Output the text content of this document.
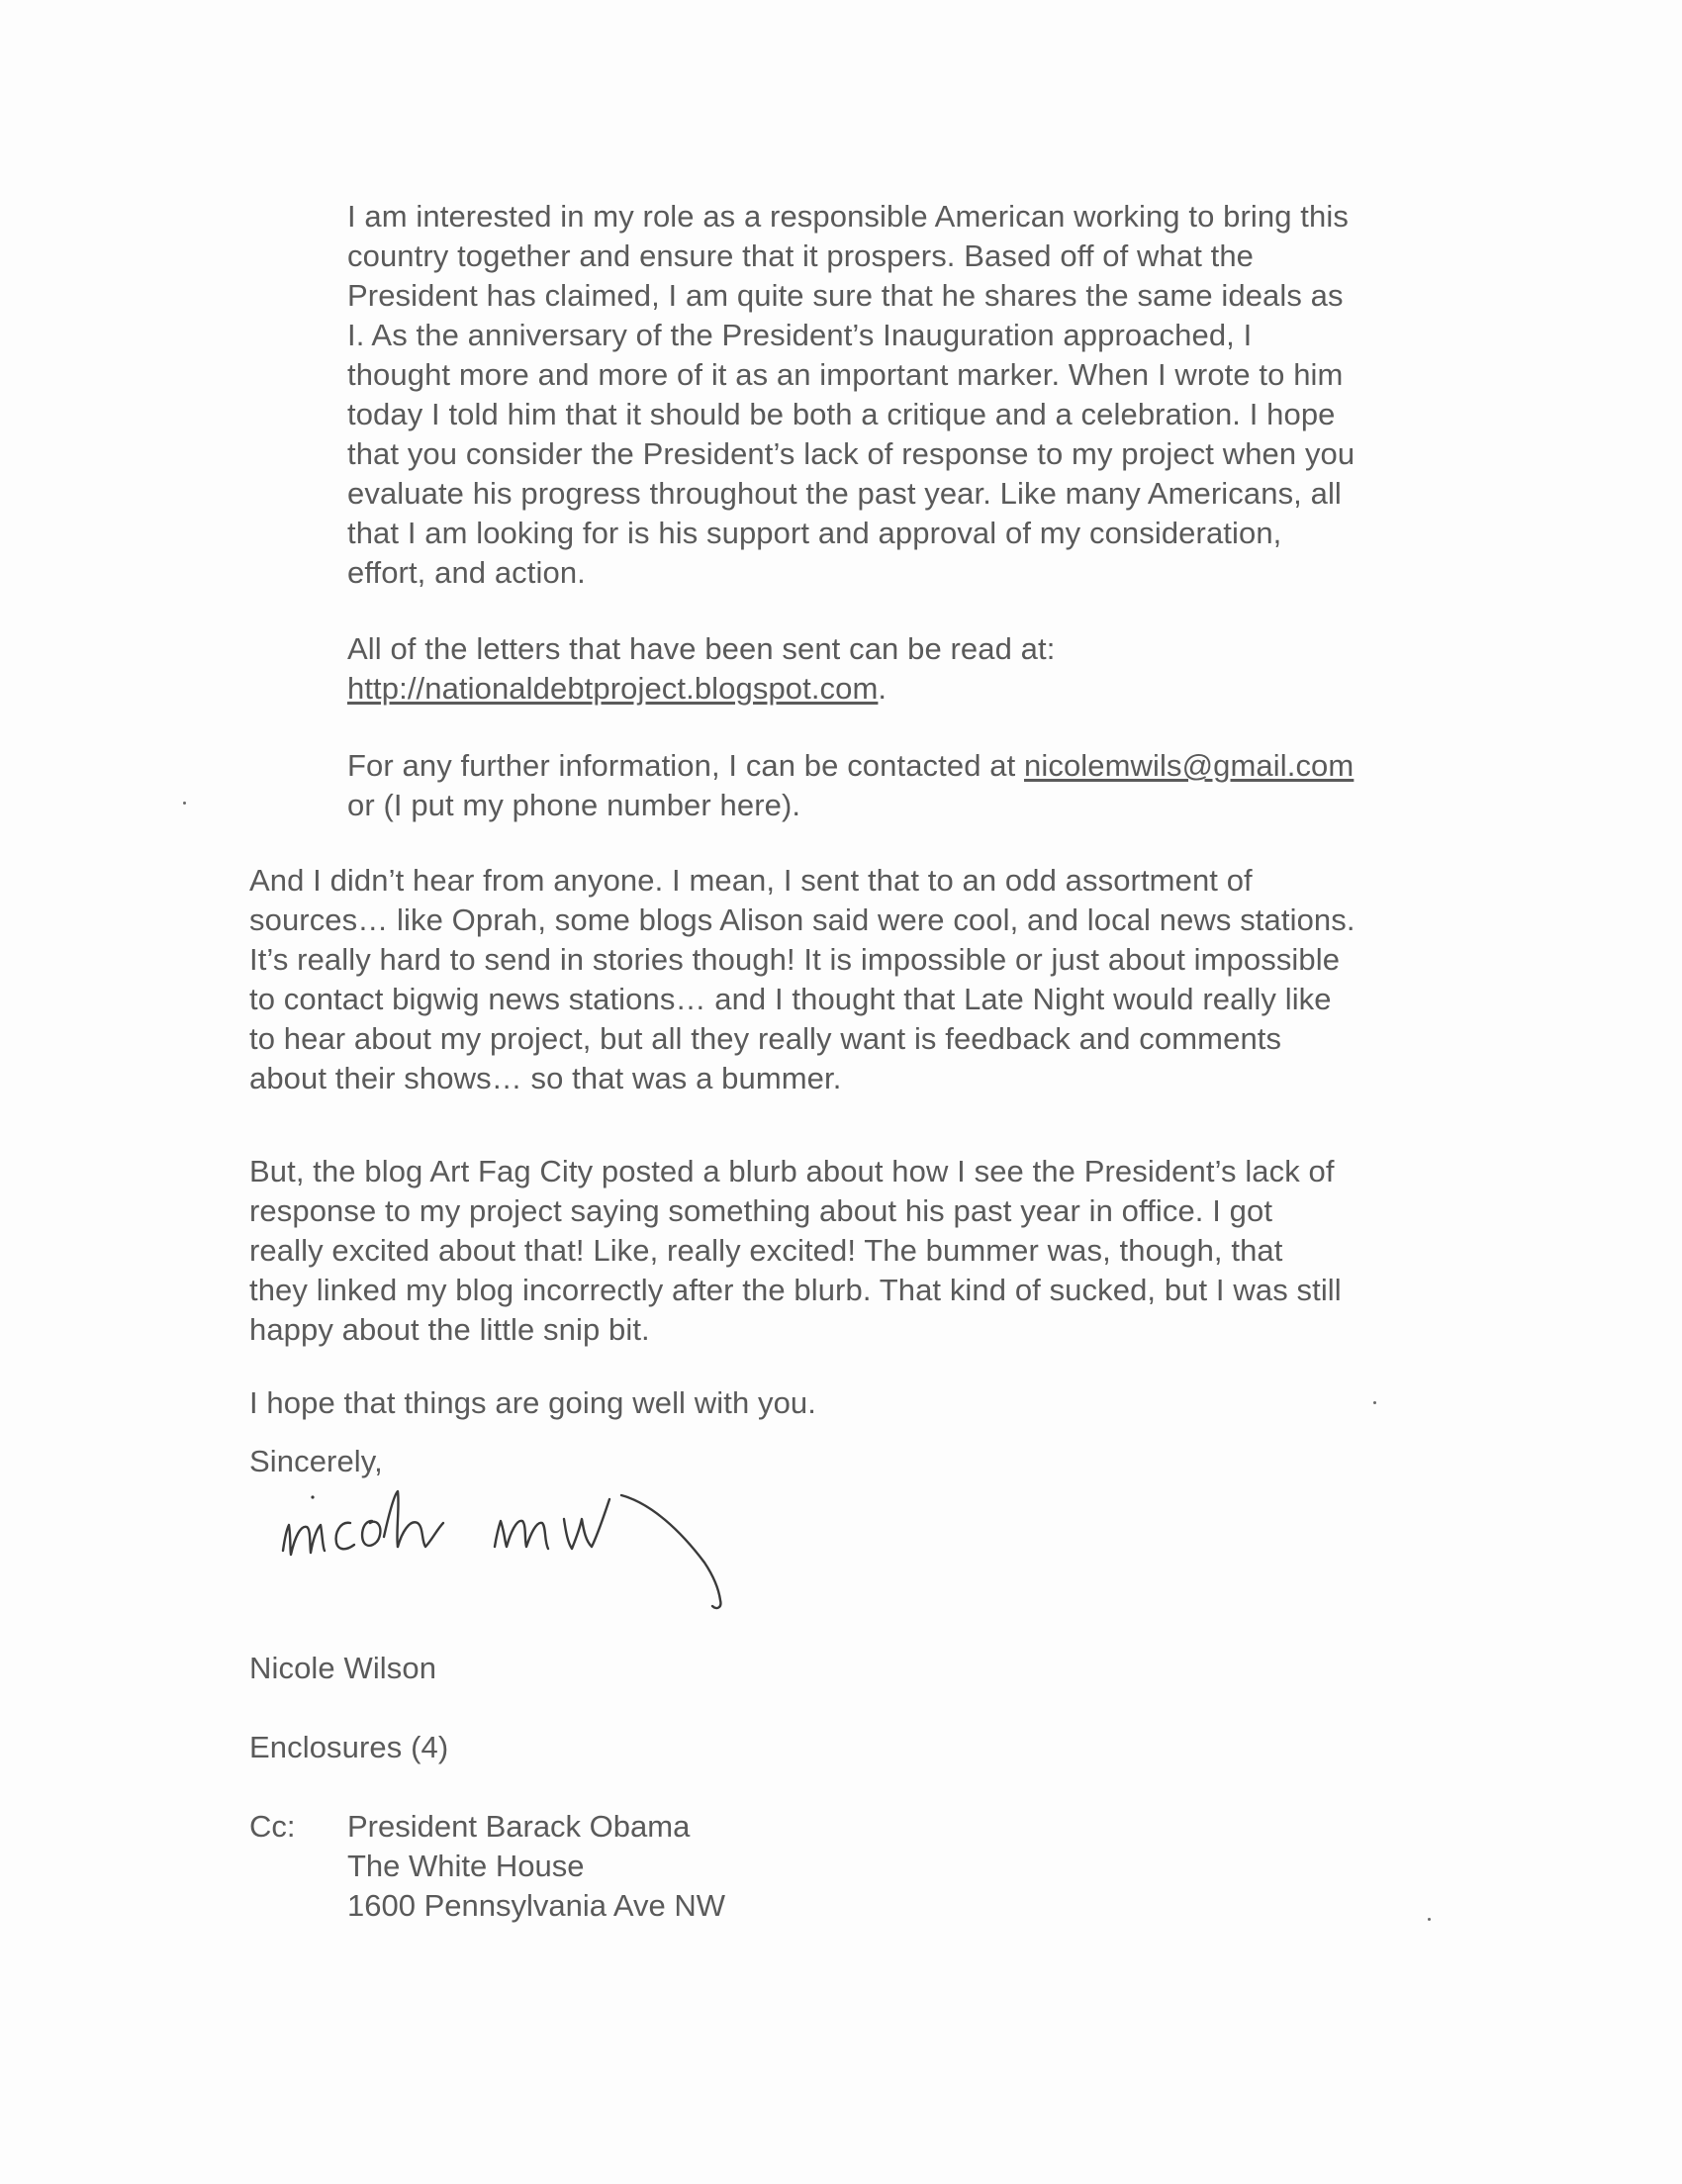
I am interested in my role as a responsible American working to bring this
country together and ensure that it prospers. Based off of what the
President has claimed, I am quite sure that he shares the same ideals as
I. As the anniversary of the President’s Inauguration approached, I
thought more and more of it as an important marker. When I wrote to him
today I told him that it should be both a critique and a celebration. I hope
that you consider the President’s lack of response to my project when you
evaluate his progress throughout the past year. Like many Americans, all
that I am looking for is his support and approval of my consideration,
effort, and action.

All of the letters that have been sent can be read at:
http://nationaldebtproject.blogspot.com.

For any further information, I can be contacted at nicolemwils@gmail.com
or (I put my phone number here).

And I didn’t hear from anyone. I mean, I sent that to an odd assortment of
sources… like Oprah, some blogs Alison said were cool, and local news stations.
It’s really hard to send in stories though! It is impossible or just about impossible
to contact bigwig news stations… and I thought that Late Night would really like
to hear about my project, but all they really want is feedback and comments
about their shows… so that was a bummer.

But, the blog Art Fag City posted a blurb about how I see the President’s lack of
response to my project saying something about his past year in office. I got
really excited about that! Like, really excited! The bummer was, though, that
they linked my blog incorrectly after the blurb. That kind of sucked, but I was still
happy about the little snip bit.

I hope that things are going well with you.

Sincerely,

Nicole Wilson

Enclosures (4)

Cc: President Barack Obama
The White House
1600 Pennsylvania Ave NW
